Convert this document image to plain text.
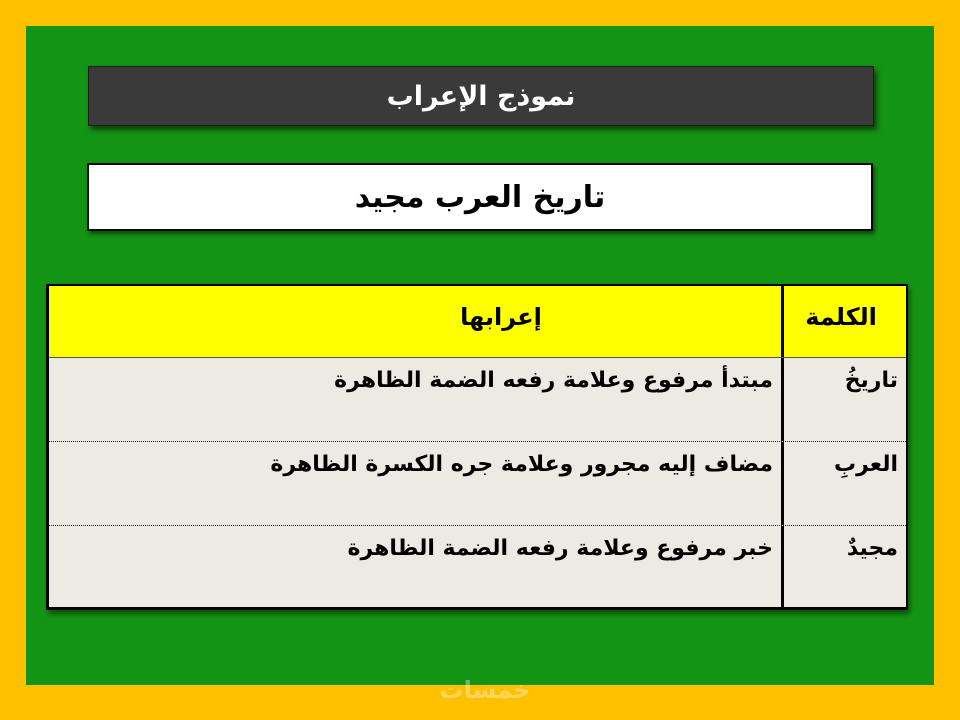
نموذج الإعراب
تاريخ العرب مجيد
الكلمة
إعرابها
تاريخُ
مبتدأ مرفوع وعلامة رفعه الضمة الظاهرة
العربِ
مضاف إليه مجرور وعلامة جره الكسرة الظاهرة
مجيدٌ
خبر مرفوع وعلامة رفعه الضمة الظاهرة
خمسات
